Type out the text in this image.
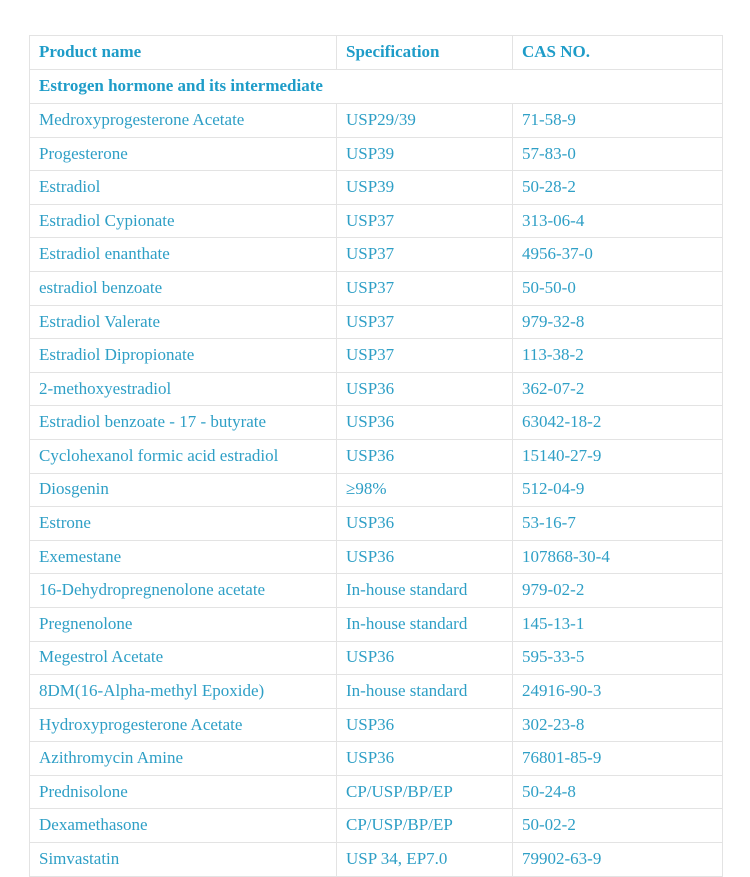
Product name	Specification	CAS NO.
Estrogen hormone and its intermediate		
Medroxyprogesterone Acetate	USP29/39	71-58-9
Progesterone	USP39	57-83-0
Estradiol	USP39	50-28-2
Estradiol Cypionate	USP37	313-06-4
Estradiol enanthate	USP37	4956-37-0
estradiol benzoate	USP37	50-50-0
Estradiol Valerate	USP37	979-32-8
Estradiol Dipropionate	USP37	113-38-2
2-methoxyestradiol	USP36	362-07-2
Estradiol benzoate - 17 - butyrate	USP36	63042-18-2
Cyclohexanol formic acid estradiol	USP36	15140-27-9
Diosgenin	≥98%	512-04-9
Estrone	USP36	53-16-7
Exemestane	USP36	107868-30-4
16-Dehydropregnenolone acetate	In-house standard	979-02-2
Pregnenolone	In-house standard	145-13-1
Megestrol Acetate	USP36	595-33-5
8DM(16-Alpha-methyl Epoxide)	In-house standard	24916-90-3
Hydroxyprogesterone Acetate	USP36	302-23-8
Azithromycin Amine	USP36	76801-85-9
Prednisolone	CP/USP/BP/EP	50-24-8
Dexamethasone	CP/USP/BP/EP	50-02-2
Simvastatin	USP 34, EP7.0	79902-63-9
